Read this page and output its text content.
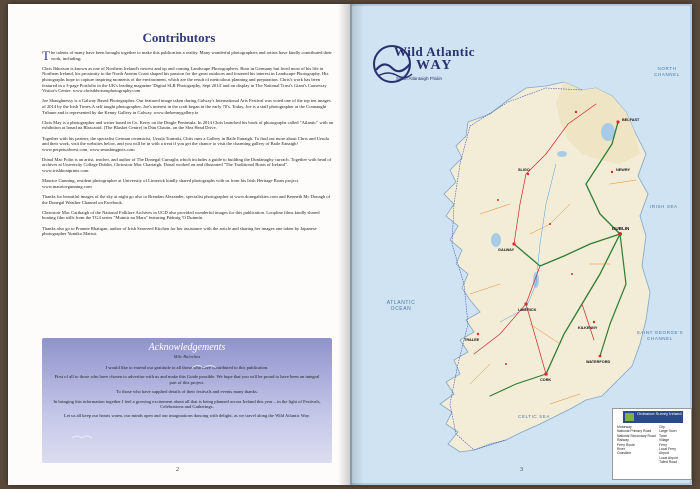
Contributors

The talents of many have been brought together to make this publication a reality. Many wonderful photographers and artists have kindly contributed their work, including;

Chris Ibbotson is known as one of Northern Ireland's newest and up and coming Landscape Photographers. Born in Germany but lived most of his life in Northern Ireland, his proximity to the North Antrim Coast shaped his passion for the great outdoors and fostered his interest in Landscape Photography. His photographs hope to capture inspiring moments of the environment, which are the result of meticulous planning and preparation. Chris's work has been featured in a 3-page Portfolio in the UK's leading magazine 'Digital SLR Photography, Sept 2014' and on display in The National Trust's Giant's Causeway Visitor's Centre. www.chrisibbotsonphotography.com

Joe Shaughnessy is a Galway Based Photographer. Our featured image taken during Galway's International Arts Festival was voted one of the top ten images of 2014 by the Irish Times.A self taught photographer, Joe's interest in the craft began in the early 70's. Today, Joe is a staff photographer at the Connaught Tribune and is represented by the Kenny Gallery in Galway. www.thekennygallery.ie

Chris May is a photographer and writer based in Co. Kerry on the Dingle Peninsula. In 2014 Chris launched his book of photographs called "Atlantic" with an exhibition at Ionad na Blascaoid. (The Blasket Centre) in Dún Chaoin, on the Slea Head Drive.

Together with his partner, the specialist German ceramicist, Ursula Tramski, Chris runs a Gallery in Baile Eanaigh. To find out more about Chris and Ursula and their work, visit the websites below, and you will be in with a treat if you get the chance to visit the charming gallery of Baile Eanaigh! www.perpetualwest.com, www.smashingpots.com

Donal Mac Polin is an artist, teacher, and author of The Donegal Curraghs which includes a guide to building the Dunfanaghy currach. Together with head of archives at University College Dublin, Chriostoir Mac Chartaigh, Donal worked on and illustrated "The Traditional Boats of Ireland". www.irishboatprints.com

Maurice Gunning, resident photographer at University of Limerick kindly shared photographs with us from his Irish Heritage Boats project. www.mauricegunning.com

Thanks for beautiful images of the sky at night go also to Brendan Alexander, specialist photographer at www.donegalskies.com and Kenneth Mc Donagh of the Donegal Weather Channel on Facebook.

Chriostoir Mac Carthaigh of the National Folklore Archives in UCD also provided wonderful images for this publication. Loopline films kindly shared boating film stills from the TG4 series "Muintir na Mara" featuring Pádraig 'O Duinnín.

Thanks also go to Prannie Rhatigan, author of Irish Seaweed Kitchen for her assistance with the article and sharing her images one taken by Japanese photographer Yumiko Matsui.

Acknowledgements
Míle Buíochas

I would like to extend our gratitude to all those who have contributed to this publication.

First of all to those who have chosen to advertise with us and make this Guide possible. We hope that you will be proud to have been an integral part of this project.

To those who have supplied details of their festivals and events many thanks.

In bringing this information together I feel a growing excitement about all that is being planned across Ireland this year – in the light of Festivals, Celebrations and Gatherings.

Let us all keep our hearts warm, our minds open and our imaginations dancing with delight, as we travel along the Wild Atlantic Way.

2
Wild Atlantic
WAY
Slí an Atlantaigh Fhiáin
NORTH CHANNEL
IRISH SEA
ATLANTIC OCEAN
SAINT GEORGE'S CHANNEL
CELTIC SEA
BELFAST
NEWRY
DUBLIN
GALWAY
LIMERICK
KILKENNY
WATERFORD
CORK
SLIGO
TRALEE
Ordnance Survey Ireland
Motorway
National Primary Road
National Secondary Road
Railway
Ferry Route
River
Coastline
City
Large Town
Town
Village
Ferry
Local Ferry
Airport
Local Airport
Tolled Road
3
